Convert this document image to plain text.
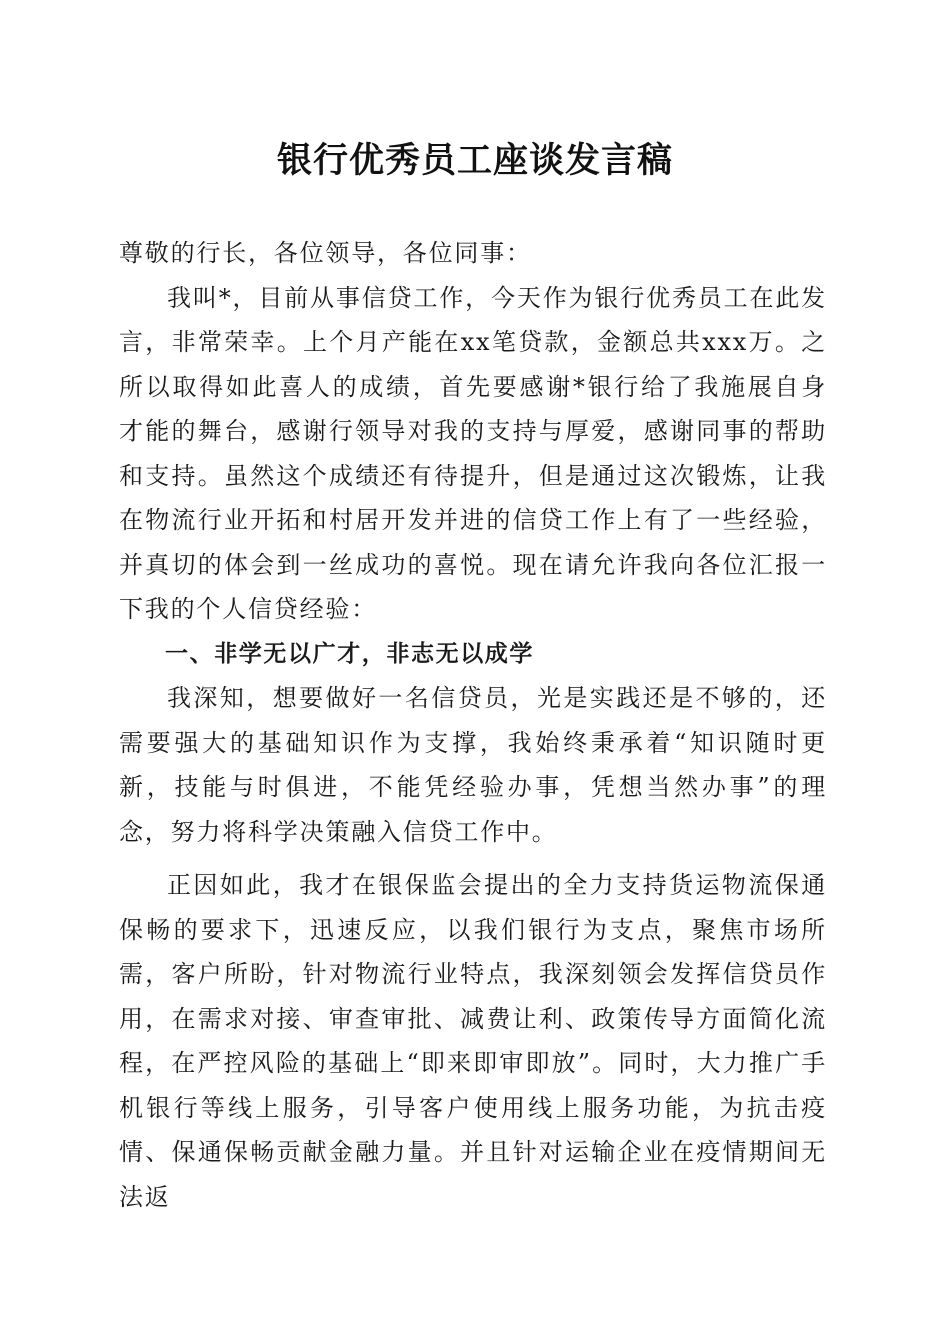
银行优秀员工座谈发言稿

尊敬的行长，各位领导，各位同事：

我叫*，目前从事信贷工作，今天作为银行优秀员工在此发言，非常荣幸。上个月产能在xx笔贷款，金额总共xxx万。之所以取得如此喜人的成绩，首先要感谢*银行给了我施展自身才能的舞台，感谢行领导对我的支持与厚爱，感谢同事的帮助和支持。虽然这个成绩还有待提升，但是通过这次锻炼，让我在物流行业开拓和村居开发并进的信贷工作上有了一些经验，并真切的体会到一丝成功的喜悦。现在请允许我向各位汇报一下我的个人信贷经验：

一、非学无以广才，非志无以成学

我深知，想要做好一名信贷员，光是实践还是不够的，还需要强大的基础知识作为支撑，我始终秉承着“知识随时更新，技能与时俱进，不能凭经验办事，凭想当然办事”的理念，努力将科学决策融入信贷工作中。

正因如此，我才在银保监会提出的全力支持货运物流保通保畅的要求下，迅速反应，以我们银行为支点，聚焦市场所需，客户所盼，针对物流行业特点，我深刻领会发挥信贷员作用，在需求对接、审查审批、减费让利、政策传导方面简化流程，在严控风险的基础上“即来即审即放”。同时，大力推广手机银行等线上服务，引导客户使用线上服务功能，为抗击疫情、保通保畅贡献金融力量。并且针对运输企业在疫情期间无法返
